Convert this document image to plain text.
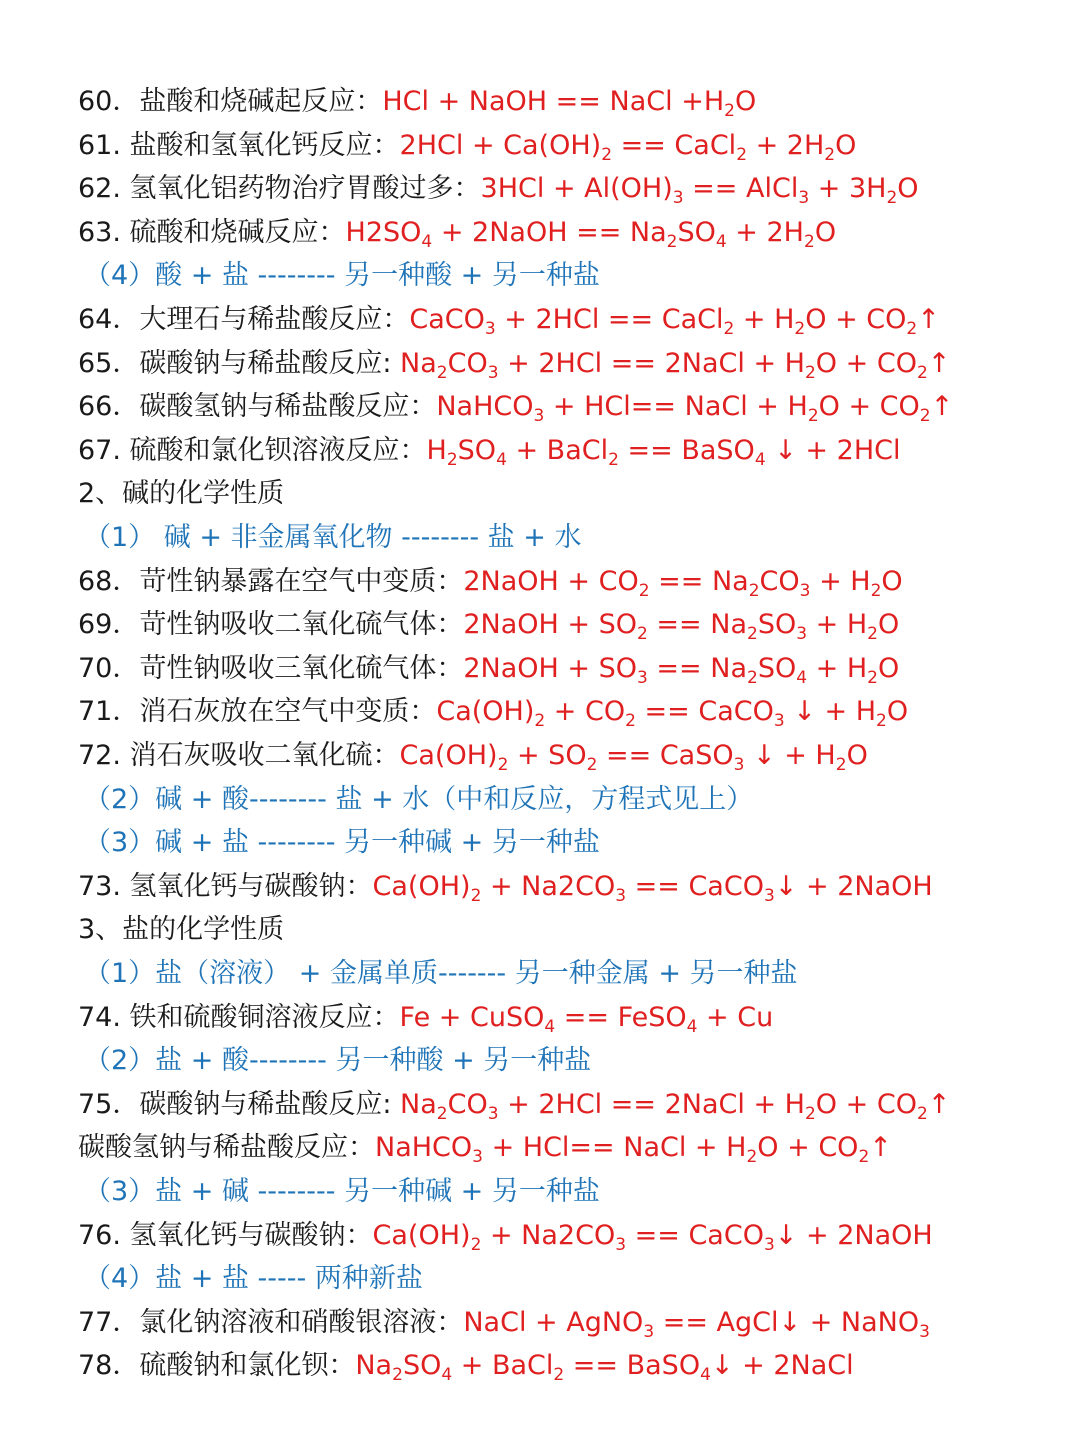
60．盐酸和烧碱起反应：HCl + NaOH == NaCl $+H_2O$
61. 盐酸和氢氧化钙反应：$2HCl + Ca(OH)_2$ == CaCl$_2$ + $2H_2O$
62. 氢氧化铝药物治疗胃酸过多：$3HCl + Al(OH)_3$ == AlCl$_3$ + $3H_2O$
63. 硫酸和烧碱反应：$H2SO_4$ + 2NaOH == $Na_2SO_4 + 2H_2O$
（4）酸 + 盐 -------- 另一种酸 + 另一种盐
64．大理石与稀盐酸反应：CaCO$_3$ + 2HCl == CaCl$_2$ + $H_2O$ + $CO_2↑$
65．碳酸钠与稀盐酸反应: $Na_2CO_3 + 2HCl$ == 2NaCl + $H_2O$ + $CO_2↑$
66．碳酸氢钠与稀盐酸反应：NaHCO$_3$ + HCl== NaCl + $H_2O$ + $CO_2↑$
67. 硫酸和氯化钡溶液反应：$H_2SO_4$ + BaCl$_2$ == BaSO$_4$ ↓ + 2HCl
2、碱的化学性质
（1） 碱 + 非金属氧化物 -------- 盐 + 水
68．苛性钠暴露在空气中变质：2NaOH + $CO_2 == Na_2CO_3 + H_2O$
69．苛性钠吸收二氧化硫气体：2NaOH + $SO_2 == Na_2SO_3 + H_2O$
70．苛性钠吸收三氧化硫气体：2NaOH + $SO_3 == Na_2SO_4 + H_2O$
71．消石灰放在空气中变质：$Ca(OH)_2 + CO_2$ == CaCO$_3$ ↓ + $H_2O$
72. 消石灰吸收二氧化硫：$Ca(OH)_2 + SO_2$ == CaSO$_3$ ↓ + $H_2O$
（2）碱 + 酸-------- 盐 + 水（中和反应，方程式见上）
（3）碱 + 盐 -------- 另一种碱 + 另一种盐
73. 氢氧化钙与碳酸钠：$Ca(OH)_2 + Na2CO_3$ == CaCO$_3$↓ + 2NaOH
3、盐的化学性质
（1）盐（溶液） + 金属单质------- 另一种金属 + 另一种盐
74. 铁和硫酸铜溶液反应：Fe + CuSO$_4$ == FeSO$_4$ + Cu
（2）盐 + 酸-------- 另一种酸 + 另一种盐
75．碳酸钠与稀盐酸反应: $Na_2CO_3 + 2HCl$ == 2NaCl + $H_2O$ + $CO_2↑$
碳酸氢钠与稀盐酸反应：NaHCO$_3$ + HCl== NaCl + $H_2O$ + $CO_2↑$
（3）盐 + 碱 -------- 另一种碱 + 另一种盐
76. 氢氧化钙与碳酸钠：$Ca(OH)_2 + Na2CO_3$ == CaCO$_3$↓ + 2NaOH
（4）盐 + 盐 ----- 两种新盐
77．氯化钠溶液和硝酸银溶液：NaCl + AgNO$_3$ == AgCl↓ + NaNO$_3$
78．硫酸钠和氯化钡：$Na_2SO_4$ + BaCl$_2$ == BaSO$_4$↓ + 2NaCl
